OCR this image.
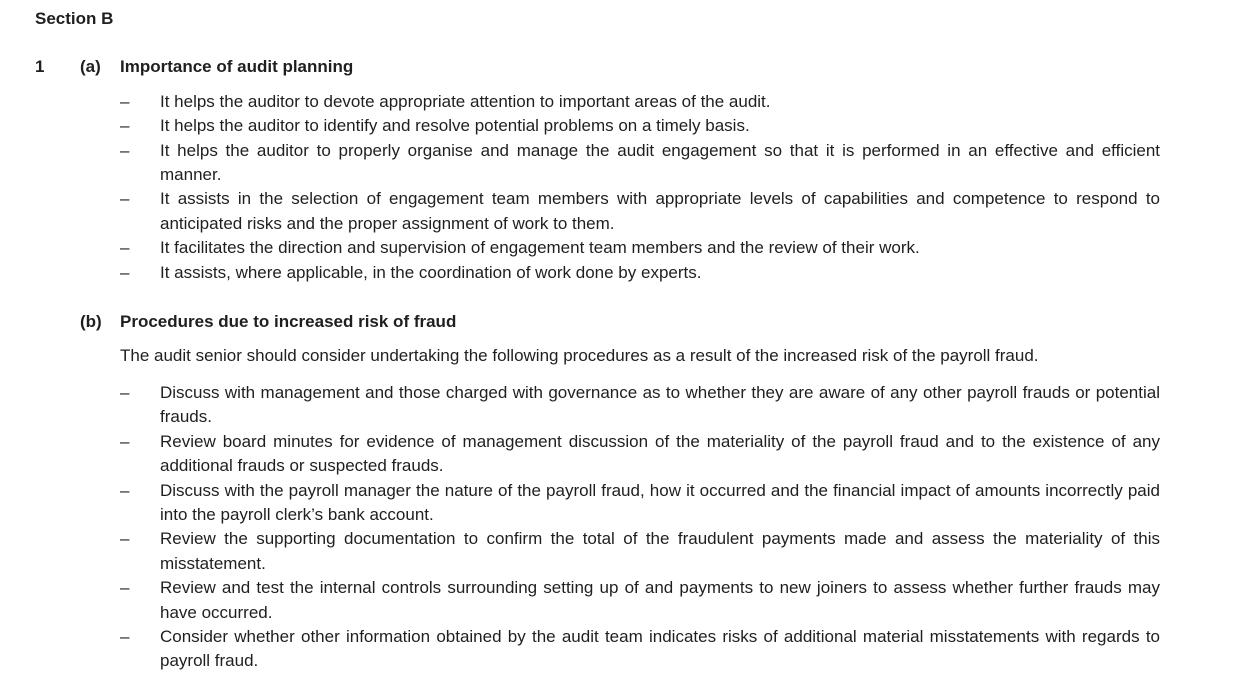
Section B
1	(a)	Importance of audit planning
–	It helps the auditor to devote appropriate attention to important areas of the audit.
–	It helps the auditor to identify and resolve potential problems on a timely basis.
–	It helps the auditor to properly organise and manage the audit engagement so that it is performed in an effective and efficient manner.
–	It assists in the selection of engagement team members with appropriate levels of capabilities and competence to respond to anticipated risks and the proper assignment of work to them.
–	It facilitates the direction and supervision of engagement team members and the review of their work.
–	It assists, where applicable, in the coordination of work done by experts.
(b)	Procedures due to increased risk of fraud
The audit senior should consider undertaking the following procedures as a result of the increased risk of the payroll fraud.
–	Discuss with management and those charged with governance as to whether they are aware of any other payroll frauds or potential frauds.
–	Review board minutes for evidence of management discussion of the materiality of the payroll fraud and to the existence of any additional frauds or suspected frauds.
–	Discuss with the payroll manager the nature of the payroll fraud, how it occurred and the financial impact of amounts incorrectly paid into the payroll clerk’s bank account.
–	Review the supporting documentation to confirm the total of the fraudulent payments made and assess the materiality of this misstatement.
–	Review and test the internal controls surrounding setting up of and payments to new joiners to assess whether further frauds may have occurred.
–	Consider whether other information obtained by the audit team indicates risks of additional material misstatements with regards to payroll fraud.
